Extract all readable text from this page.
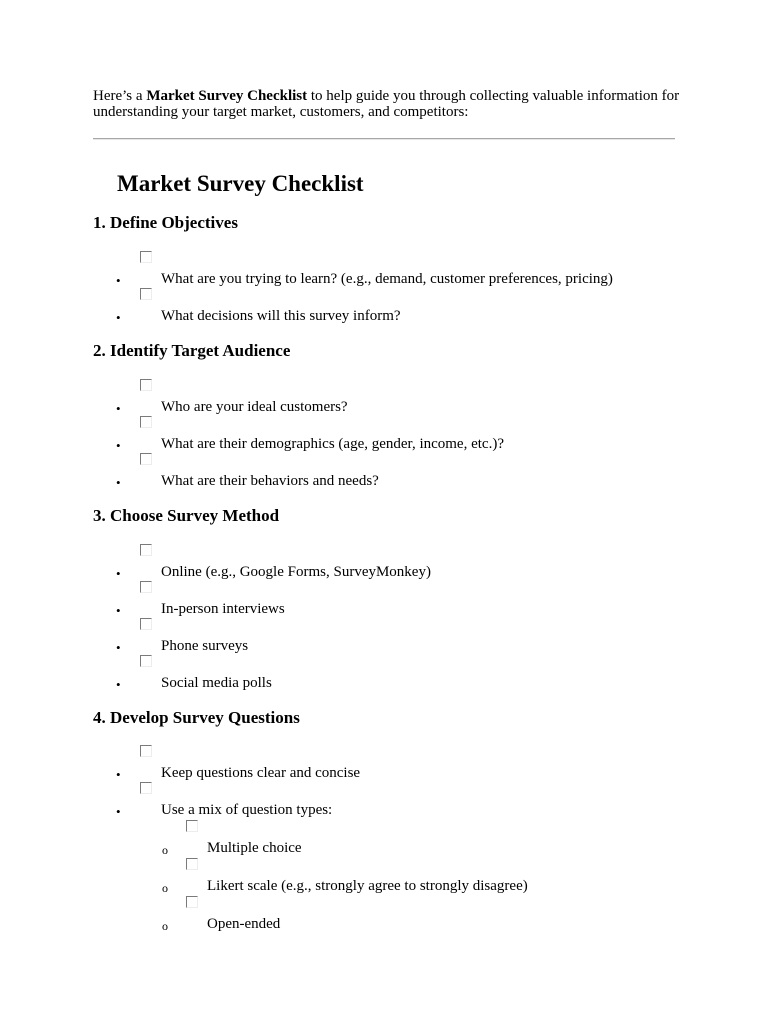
Here’s a Market Survey Checklist to help guide you through collecting valuable information for understanding your target market, customers, and competitors:
Market Survey Checklist
1. Define Objectives
•	What are you trying to learn? (e.g., demand, customer preferences, pricing)
•	What decisions will this survey inform?
2. Identify Target Audience
•	Who are your ideal customers?
•	What are their demographics (age, gender, income, etc.)?
•	What are their behaviors and needs?
3. Choose Survey Method
•	Online (e.g., Google Forms, SurveyMonkey)
•	In-person interviews
•	Phone surveys
•	Social media polls
4. Develop Survey Questions
•	Keep questions clear and concise
•	Use a mix of question types:
o	Multiple choice
o	Likert scale (e.g., strongly agree to strongly disagree)
o	Open-ended
